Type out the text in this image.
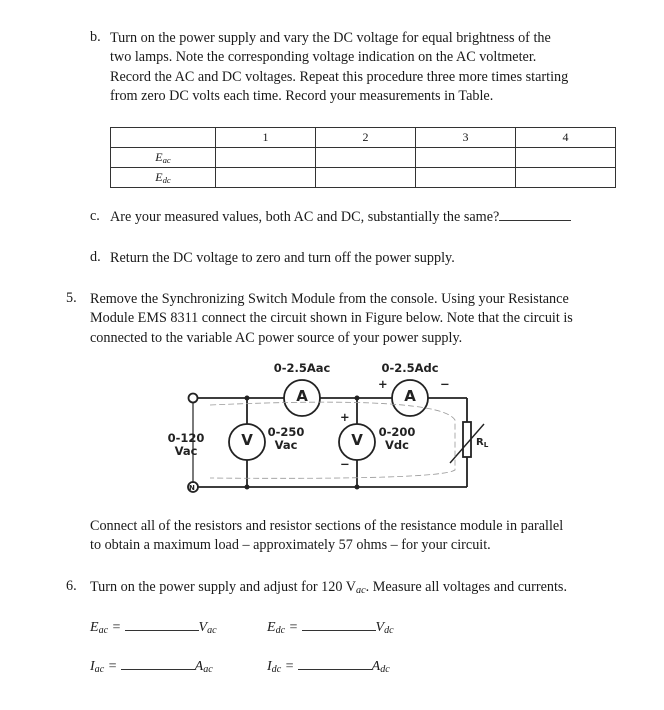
b. Turn on the power supply and vary the DC voltage for equal brightness of the
two lamps. Note the corresponding voltage indication on the AC voltmeter.
Record the AC and DC voltages. Repeat this procedure three more times starting
from zero DC volts each time. Record your measurements in Table.
	1	2	3	4
$E_{ac}$				
$E_{dc}$				
c. Are your measured values, both AC and DC, substantially the same?
d. Return the DC voltage to zero and turn off the power supply.
5. Remove the Synchronizing Switch Module from the console. Using your Resistance
Module EMS 8311 connect the circuit shown in Figure below. Note that the circuit is
connected to the variable AC power source of your power supply.
0-2.5Aac	0-2.5Adc
A	A
V	V
0-120
Vac
0-250
Vac
0-200
Vdc	$R_L$
+	−
+
−
N
Connect all of the resistors and resistor sections of the resistance module in parallel
to obtain a maximum load – approximately 57 ohms – for your circuit.
6. Turn on the power supply and adjust for 120 $V_{ac}$. Measure all voltages and currents.
$E_{ac}$ =	$V_{ac}$	$E_{dc}$ =	$V_{dc}$
$I_{ac}$ =	$A_{ac}$	$I_{dc}$ =	$A_{dc}$
